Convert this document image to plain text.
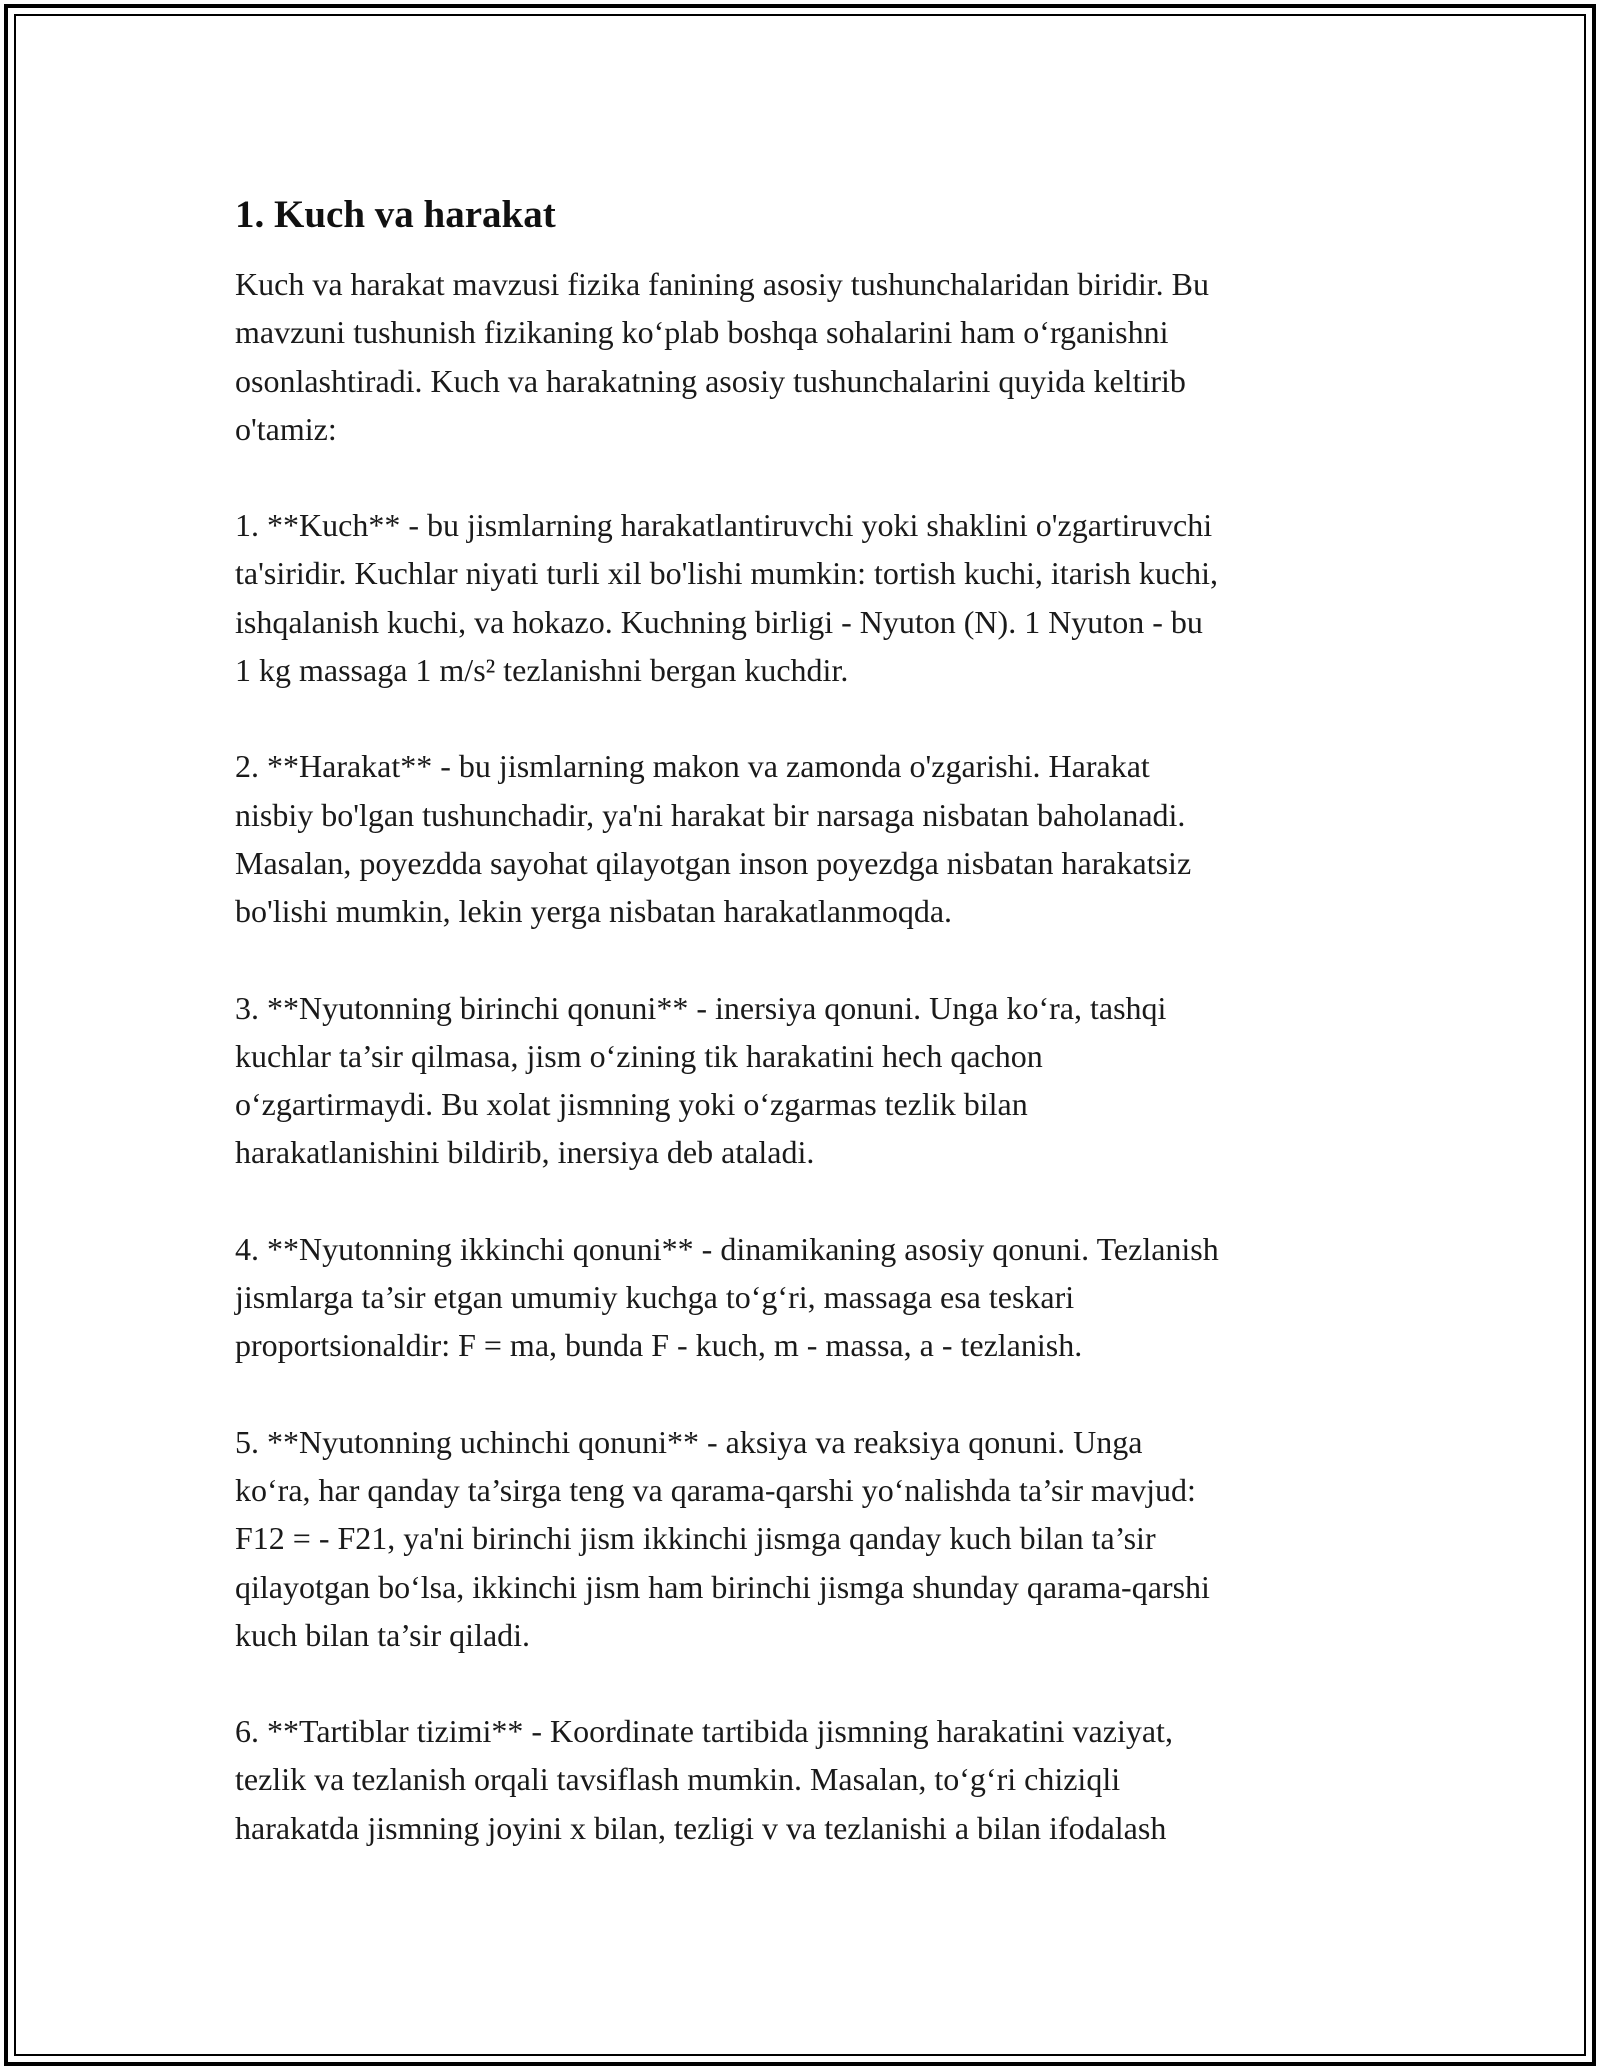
1. Kuch va harakat

Kuch va harakat mavzusi fizika fanining asosiy tushunchalaridan biridir. Bu
mavzuni tushunish fizikaning ko‘plab boshqa sohalarini ham o‘rganishni
osonlashtiradi. Kuch va harakatning asosiy tushunchalarini quyida keltirib
o'tamiz:

1. **Kuch** - bu jismlarning harakatlantiruvchi yoki shaklini o'zgartiruvchi
ta'siridir. Kuchlar niyati turli xil bo'lishi mumkin: tortish kuchi, itarish kuchi,
ishqalanish kuchi, va hokazo. Kuchning birligi - Nyuton (N). 1 Nyuton - bu
1 kg massaga 1 m/s² tezlanishni bergan kuchdir.

2. **Harakat** - bu jismlarning makon va zamonda o'zgarishi. Harakat
nisbiy bo'lgan tushunchadir, ya'ni harakat bir narsaga nisbatan baholanadi.
Masalan, poyezdda sayohat qilayotgan inson poyezdga nisbatan harakatsiz
bo'lishi mumkin, lekin yerga nisbatan harakatlanmoqda.

3. **Nyutonning birinchi qonuni** - inersiya qonuni. Unga ko‘ra, tashqi
kuchlar ta’sir qilmasa, jism o‘zining tik harakatini hech qachon
o‘zgartirmaydi. Bu xolat jismning yoki o‘zgarmas tezlik bilan
harakatlanishini bildirib, inersiya deb ataladi.

4. **Nyutonning ikkinchi qonuni** - dinamikaning asosiy qonuni. Tezlanish
jismlarga ta’sir etgan umumiy kuchga to‘g‘ri, massaga esa teskari
proportsionaldir: F = ma, bunda F - kuch, m - massa, a - tezlanish.

5. **Nyutonning uchinchi qonuni** - aksiya va reaksiya qonuni. Unga
ko‘ra, har qanday ta’sirga teng va qarama-qarshi yo‘nalishda ta’sir mavjud:
F12 = - F21, ya'ni birinchi jism ikkinchi jismga qanday kuch bilan ta’sir
qilayotgan bo‘lsa, ikkinchi jism ham birinchi jismga shunday qarama-qarshi
kuch bilan ta’sir qiladi.

6. **Tartiblar tizimi** - Koordinate tartibida jismning harakatini vaziyat,
tezlik va tezlanish orqali tavsiflash mumkin. Masalan, to‘g‘ri chiziqli
harakatda jismning joyini x bilan, tezligi v va tezlanishi a bilan ifodalash
